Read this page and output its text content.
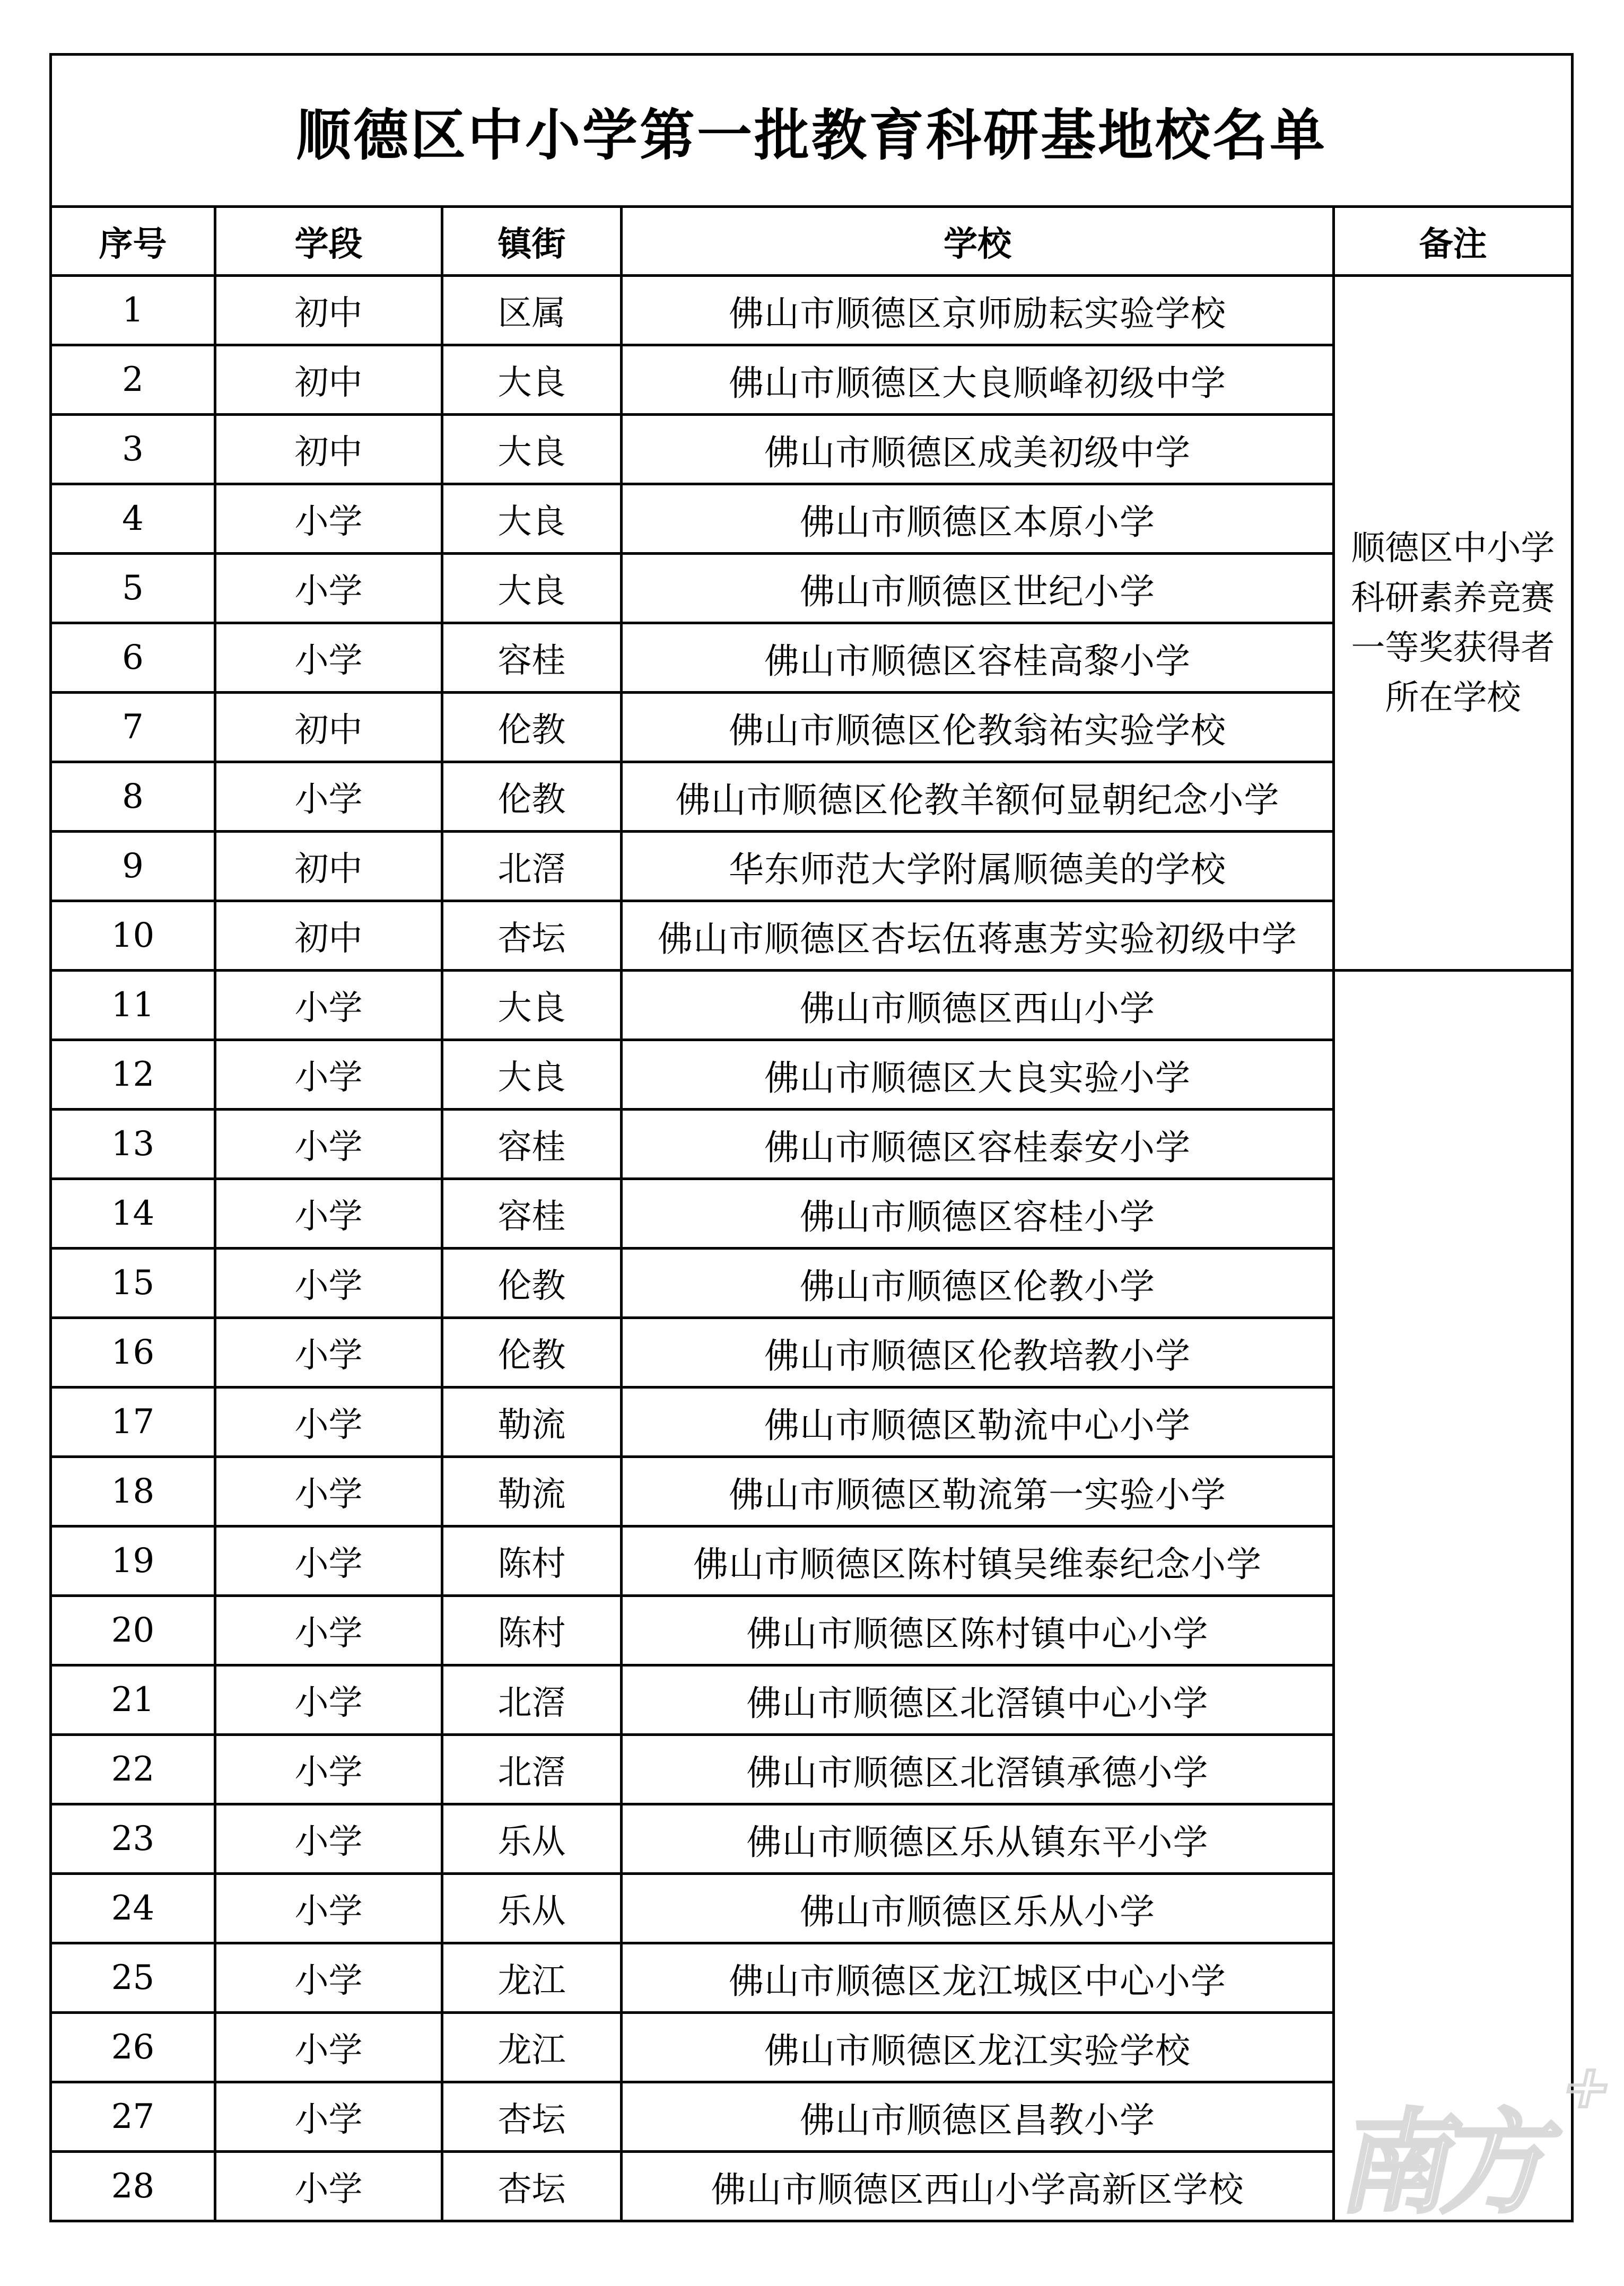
顺德区中小学第一批教育科研基地校名单				
序号	学段	镇街	学校	备注
1	初中	区属	佛山市顺德区京师励耘实验学校	顺德区中小学科研素养竞赛一等奖获得者所在学校
2	初中	大良	佛山市顺德区大良顺峰初级中学	
3	初中	大良	佛山市顺德区成美初级中学	
4	小学	大良	佛山市顺德区本原小学	
5	小学	大良	佛山市顺德区世纪小学	
6	小学	容桂	佛山市顺德区容桂高黎小学	
7	初中	伦教	佛山市顺德区伦教翁祐实验学校	
8	小学	伦教	佛山市顺德区伦教羊额何显朝纪念小学	
9	初中	北滘	华东师范大学附属顺德美的学校	
10	初中	杏坛	佛山市顺德区杏坛伍蒋惠芳实验初级中学	
11	小学	大良	佛山市顺德区西山小学	
12	小学	大良	佛山市顺德区大良实验小学	
13	小学	容桂	佛山市顺德区容桂泰安小学	
14	小学	容桂	佛山市顺德区容桂小学	
15	小学	伦教	佛山市顺德区伦教小学	
16	小学	伦教	佛山市顺德区伦教培教小学	
17	小学	勒流	佛山市顺德区勒流中心小学	
18	小学	勒流	佛山市顺德区勒流第一实验小学	
19	小学	陈村	佛山市顺德区陈村镇吴维泰纪念小学	
20	小学	陈村	佛山市顺德区陈村镇中心小学	
21	小学	北滘	佛山市顺德区北滘镇中心小学	
22	小学	北滘	佛山市顺德区北滘镇承德小学	
23	小学	乐从	佛山市顺德区乐从镇东平小学	
24	小学	乐从	佛山市顺德区乐从小学	
25	小学	龙江	佛山市顺德区龙江城区中心小学	
26	小学	龙江	佛山市顺德区龙江实验学校	
27	小学	杏坛	佛山市顺德区昌教小学	
28	小学	杏坛	佛山市顺德区西山小学高新区学校	南方+
